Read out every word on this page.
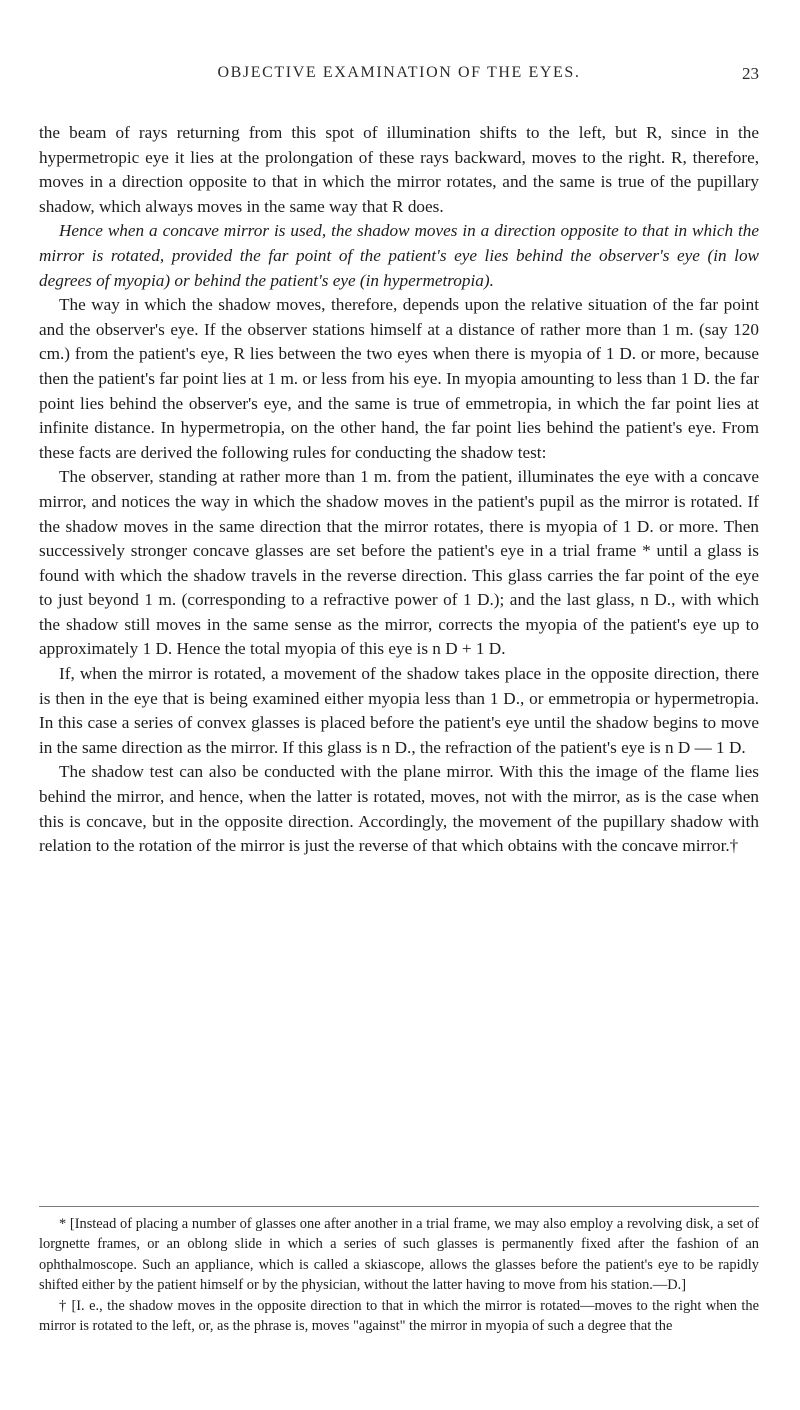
OBJECTIVE EXAMINATION OF THE EYES.	23

the beam of rays returning from this spot of illumination shifts to the left, but R, since in the hypermetropic eye it lies at the prolongation of these rays backward, moves to the right. R, therefore, moves in a direction opposite to that in which the mirror rotates, and the same is true of the pupillary shadow, which always moves in the same way that R does.

Hence when a concave mirror is used, the shadow moves in a direction opposite to that in which the mirror is rotated, provided the far point of the patient's eye lies behind the observer's eye (in low degrees of myopia) or behind the patient's eye (in hypermetropia).

The way in which the shadow moves, therefore, depends upon the relative situation of the far point and the observer's eye. If the observer stations himself at a distance of rather more than 1 m. (say 120 cm.) from the patient's eye, R lies between the two eyes when there is myopia of 1 D. or more, because then the patient's far point lies at 1 m. or less from his eye. In myopia amounting to less than 1 D. the far point lies behind the observer's eye, and the same is true of emmetropia, in which the far point lies at infinite distance. In hypermetropia, on the other hand, the far point lies behind the patient's eye. From these facts are derived the following rules for conducting the shadow test:

The observer, standing at rather more than 1 m. from the patient, illuminates the eye with a concave mirror, and notices the way in which the shadow moves in the patient's pupil as the mirror is rotated. If the shadow moves in the same direction that the mirror rotates, there is myopia of 1 D. or more. Then successively stronger concave glasses are set before the patient's eye in a trial frame * until a glass is found with which the shadow travels in the reverse direction. This glass carries the far point of the eye to just beyond 1 m. (corresponding to a refractive power of 1 D.); and the last glass, n D., with which the shadow still moves in the same sense as the mirror, corrects the myopia of the patient's eye up to approximately 1 D. Hence the total myopia of this eye is n D + 1 D.

If, when the mirror is rotated, a movement of the shadow takes place in the opposite direction, there is then in the eye that is being examined either myopia less than 1 D., or emmetropia or hypermetropia. In this case a series of convex glasses is placed before the patient's eye until the shadow begins to move in the same direction as the mirror. If this glass is n D., the refraction of the patient's eye is n D — 1 D.

The shadow test can also be conducted with the plane mirror. With this the image of the flame lies behind the mirror, and hence, when the latter is rotated, moves, not with the mirror, as is the case when this is concave, but in the opposite direction. Accordingly, the movement of the pupillary shadow with relation to the rotation of the mirror is just the reverse of that which obtains with the concave mirror.†

* [Instead of placing a number of glasses one after another in a trial frame, we may also employ a revolving disk, a set of lorgnette frames, or an oblong slide in which a series of such glasses is permanently fixed after the fashion of an ophthalmoscope. Such an appliance, which is called a skiascope, allows the glasses before the patient's eye to be rapidly shifted either by the patient himself or by the physician, without the latter having to move from his station.—D.]

† [I. e., the shadow moves in the opposite direction to that in which the mirror is rotated—moves to the right when the mirror is rotated to the left, or, as the phrase is, moves "against" the mirror in myopia of such a degree that the
